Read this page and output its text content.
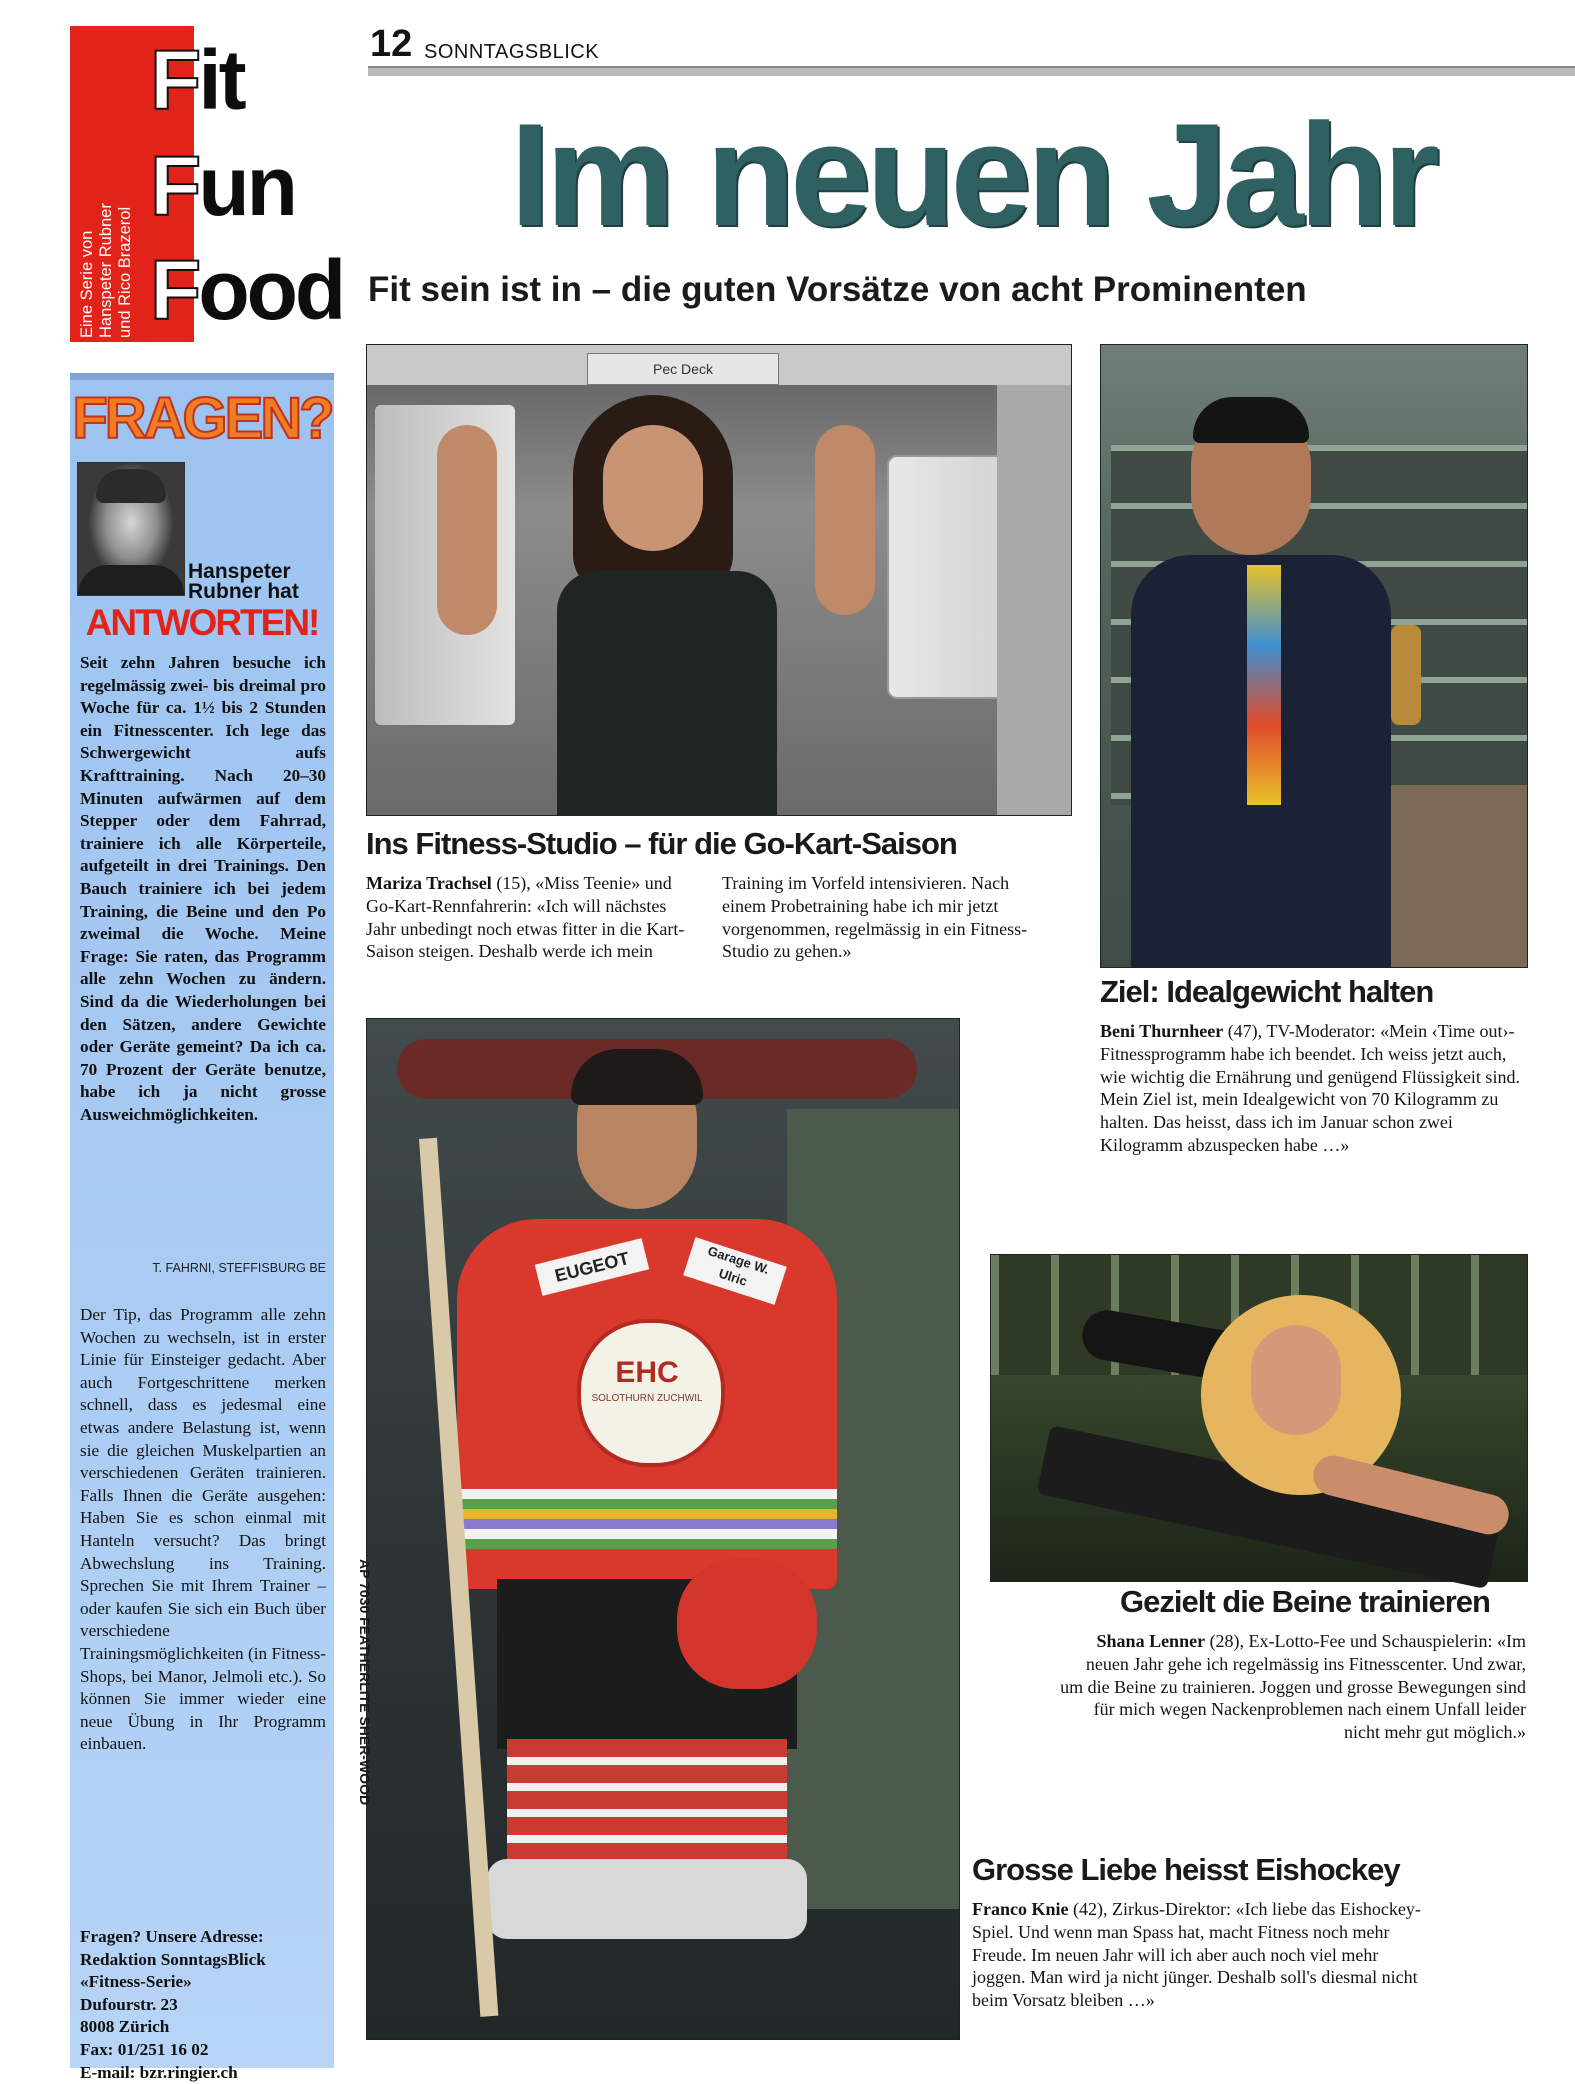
Eine Serie von
Hanspeter Rubner
und Rico Brazerol
Fit
Fun
Food
FRAGEN?
Hanspeter Rubner hat
ANTWORTEN!
Seit zehn Jahren besuche ich regelmässig zwei- bis dreimal pro Woche für ca. 1½ bis 2 Stunden ein Fitnesscenter. Ich lege das Schwergewicht aufs Krafttraining. Nach 20–30 Minuten aufwärmen auf dem Stepper oder dem Fahrrad, trainiere ich alle Körperteile, aufgeteilt in drei Trainings. Den Bauch trainiere ich bei jedem Training, die Beine und den Po zweimal die Woche. Meine Frage: Sie raten, das Programm alle zehn Wochen zu ändern. Sind da die Wiederholungen bei den Sätzen, andere Gewichte oder Geräte gemeint? Da ich ca. 70 Prozent der Geräte benutze, habe ich ja nicht grosse Ausweichmöglichkeiten.
T. FAHRNI, STEFFISBURG BE
Der Tip, das Programm alle zehn Wochen zu wechseln, ist in erster Linie für Einsteiger gedacht. Aber auch Fortgeschrittene merken schnell, dass es jedesmal eine etwas andere Belastung ist, wenn sie die gleichen Muskelpartien an verschiedenen Geräten trainieren. Falls Ihnen die Geräte ausgehen: Haben Sie es schon einmal mit Hanteln versucht? Das bringt Abwechslung ins Training. Sprechen Sie mit Ihrem Trainer – oder kaufen Sie sich ein Buch über verschiedene Trainingsmöglichkeiten (in Fitness-Shops, bei Manor, Jelmoli etc.). So können Sie immer wieder eine neue Übung in Ihr Programm einbauen.
Fragen? Unsere Adresse:
Redaktion SonntagsBlick
«Fitness-Serie»
Dufourstr. 23
8008 Zürich
Fax: 01/251 16 02
E-mail: bzr.ringier.ch
12 SONNTAGSBLICK
Im neuen Jahr
Fit sein ist in – die guten Vorsätze von acht Prominenten
Pec Deck
Ins Fitness-Studio – für die Go-Kart-Saison
Mariza Trachsel (15), «Miss Teenie» und Go-Kart-Rennfahrerin: «Ich will nächstes Jahr unbedingt noch etwas fitter in die Kart-Saison steigen. Deshalb werde ich mein Training im Vorfeld intensivieren. Nach einem Probetraining habe ich mir jetzt vorgenommen, regelmässig in ein Fitness-Studio zu gehen.»
Ziel: Idealgewicht halten
Beni Thurnheer (47), TV-Moderator: «Mein ‹Time out›-Fitnessprogramm habe ich beendet. Ich weiss jetzt auch, wie wichtig die Ernährung und genügend Flüssigkeit sind. Mein Ziel ist, mein Idealgewicht von 70 Kilogramm zu halten. Das heisst, dass ich im Januar schon zwei Kilogramm abzuspecken habe …»
EUGEOT	Garage W. Ulric
EHC
SOLOTHURN ZUCHWIL
AP 7030 FEATHERLITE SHER-WOOD
Grosse Liebe heisst Eishockey
Franco Knie (42), Zirkus-Direktor: «Ich liebe das Eishockey-Spiel. Und wenn man Spass hat, macht Fitness noch mehr Freude. Im neuen Jahr will ich aber auch noch viel mehr joggen. Man wird ja nicht jünger. Deshalb soll's diesmal nicht beim Vorsatz bleiben …»
Gezielt die Beine trainieren
Shana Lenner (28), Ex-Lotto-Fee und Schauspielerin: «Im neuen Jahr gehe ich regelmässig ins Fitnesscenter. Und zwar, um die Beine zu trainieren. Joggen und grosse Bewegungen sind für mich wegen Nackenproblemen nach einem Unfall leider nicht mehr gut möglich.»
